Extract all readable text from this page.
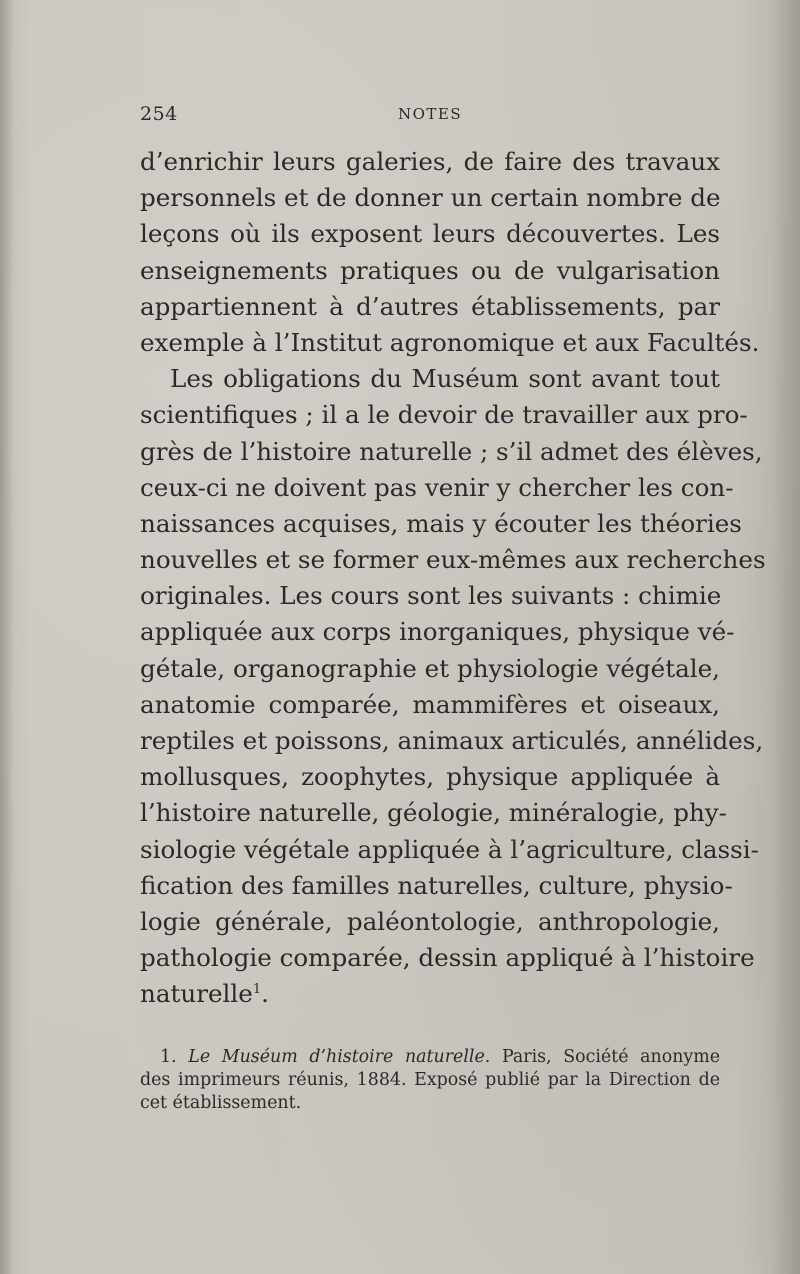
254	NOTES
d’enrichir leurs galeries, de faire des travaux
personnels et de donner un certain nombre de
leçons où ils exposent leurs découvertes. Les
enseignements pratiques ou de vulgarisation
appartiennent à d’autres établissements, par
exemple à l’Institut agronomique et aux Facultés.
Les obligations du Muséum sont avant tout
scientifiques ; il a le devoir de travailler aux pro-
grès de l’histoire naturelle ; s’il admet des élèves,
ceux-ci ne doivent pas venir y chercher les con-
naissances acquises, mais y écouter les théories
nouvelles et se former eux-mêmes aux recherches
originales. Les cours sont les suivants : chimie
appliquée aux corps inorganiques, physique vé-
gétale, organographie et physiologie végétale,
anatomie comparée, mammifères et oiseaux,
reptiles et poissons, animaux articulés, annélides,
mollusques, zoophytes, physique appliquée à
l’histoire naturelle, géologie, minéralogie, phy-
siologie végétale appliquée à l’agriculture, classi-
fication des familles naturelles, culture, physio-
logie générale, paléontologie, anthropologie,
pathologie comparée, dessin appliqué à l’histoire
naturelle$^1$.
1. Le Muséum d’histoire naturelle. Paris, Société anonyme
des imprimeurs réunis, 1884. Exposé publié par la Direction de
cet établissement.
